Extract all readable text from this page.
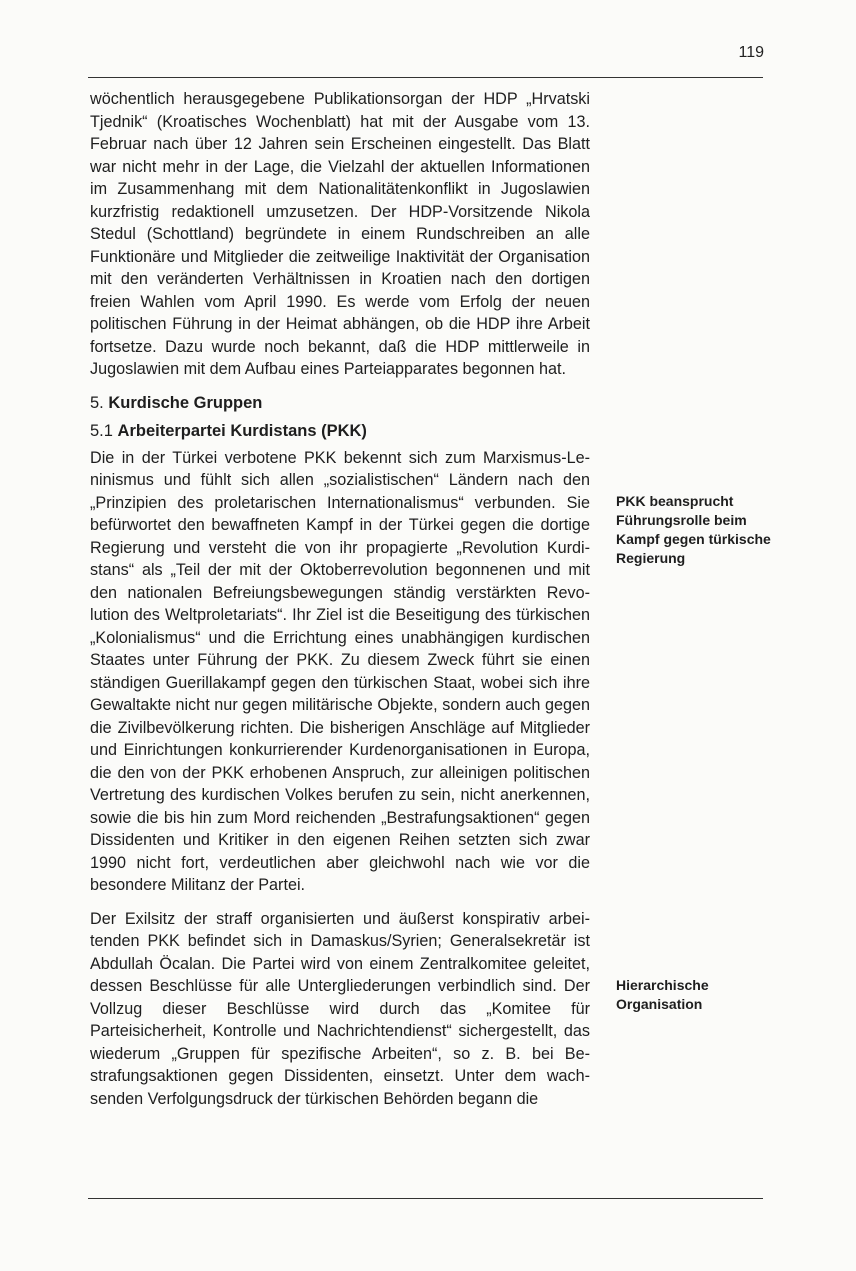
119

wöchentlich herausgegebene Publikationsorgan der HDP „Hrvatski Tjednik“ (Kroatisches Wochenblatt) hat mit der Ausgabe vom 13. Februar nach über 12 Jahren sein Erscheinen eingestellt. Das Blatt war nicht mehr in der Lage, die Vielzahl der aktuellen Informationen im Zusammenhang mit dem Nationalitätenkonflikt in Jugoslawien kurzfristig redaktionell umzusetzen. Der HDP-Vorsitzende Nikola Stedul (Schottland) begründete in einem Rundschreiben an alle Funktionäre und Mitglieder die zeitweilige Inaktivität der Organisation mit den veränderten Verhältnissen in Kroatien nach den dortigen freien Wahlen vom April 1990. Es werde vom Erfolg der neuen politischen Führung in der Heimat abhängen, ob die HDP ihre Arbeit fortsetze. Dazu wurde noch bekannt, daß die HDP mittlerweile in Jugoslawien mit dem Aufbau eines Parteiapparates begonnen hat.

5. Kurdische Gruppen
5.1 Arbeiterpartei Kurdistans (PKK)

Die in der Türkei verbotene PKK bekennt sich zum Marxismus-Leninismus und fühlt sich allen „sozialistischen“ Ländern nach den „Prinzipien des proletarischen Internationalismus“ verbunden. Sie befürwortet den bewaffneten Kampf in der Türkei gegen die dortige Regierung und versteht die von ihr propagierte „Revolution Kurdistans“ als „Teil der mit der Oktoberrevolution begonnenen und mit den nationalen Befreiungsbewegungen ständig verstärkten Revolution des Weltproletariats“. Ihr Ziel ist die Beseitigung des türkischen „Kolonialismus“ und die Errichtung eines unabhängigen kurdischen Staates unter Führung der PKK. Zu diesem Zweck führt sie einen ständigen Guerillakampf gegen den türkischen Staat, wobei sich ihre Gewaltakte nicht nur gegen militärische Objekte, sondern auch gegen die Zivilbevölkerung richten. Die bisherigen Anschläge auf Mitglieder und Einrichtungen konkurrierender Kurdenorganisationen in Europa, die den von der PKK erhobenen Anspruch, zur alleinigen politischen Vertretung des kurdischen Volkes berufen zu sein, nicht anerkennen, sowie die bis hin zum Mord reichenden „Bestrafungsaktionen“ gegen Dissidenten und Kritiker in den eigenen Reihen setzten sich zwar 1990 nicht fort, verdeutlichen aber gleichwohl nach wie vor die besondere Militanz der Partei.

Der Exilsitz der straff organisierten und äußerst konspirativ arbeitenden PKK befindet sich in Damaskus/Syrien; Generalsekretär ist Abdullah Öcalan. Die Partei wird von einem Zentralkomitee geleitet, dessen Beschlüsse für alle Untergliederungen verbindlich sind. Der Vollzug dieser Beschlüsse wird durch das „Komitee für Parteisicherheit, Kontrolle und Nachrichtendienst“ sichergestellt, das wiederum „Gruppen für spezifische Arbeiten“, so z. B. bei Bestrafungsaktionen gegen Dissidenten, einsetzt. Unter dem wachsenden Verfolgungsdruck der türkischen Behörden begann die

PKK beansprucht Führungsrolle beim Kampf gegen türkische Regierung
Hierarchische Organisation
